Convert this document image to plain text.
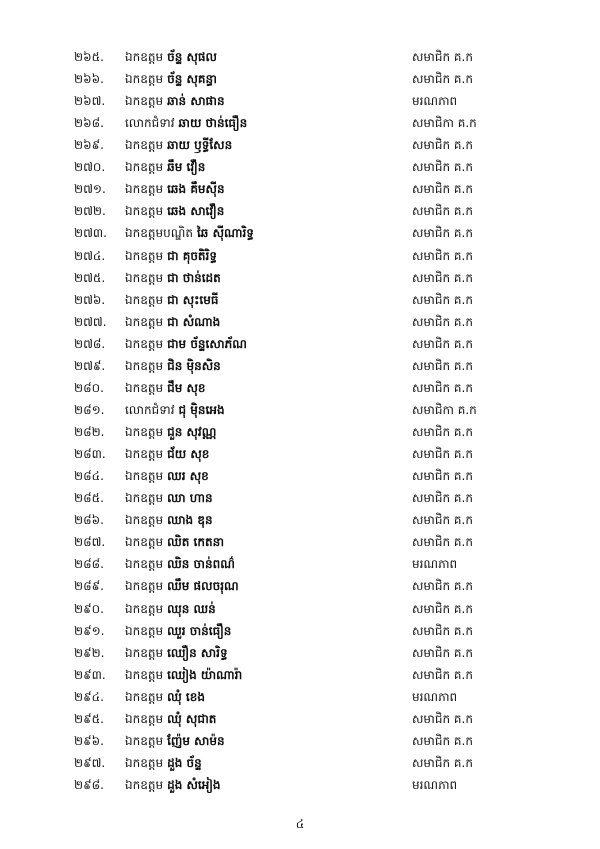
២៦៥.	ឯកឧត្តម ច័ន្ទ សុផល	សមាជិក គ.ក
២៦៦.	ឯកឧត្តម ច័ន្ទ សុគន្ធា	សមាជិក គ.ក
២៦៧.	ឯកឧត្តម ឆាន់ សាផាន	មរណភាព
២៦៨.	លោកជំទាវ ឆាយ ថាន់ធឿន	សមាជិកា គ.ក
២៦៩.	ឯកឧត្តម ឆាយ ឫទ្ធីសែន	សមាជិក គ.ក
២៧០.	ឯកឧត្តម ឆឹម វឿន	សមាជិក គ.ក
២៧១.	ឯកឧត្តម ឆេង គឹមស៊ីន	សមាជិក គ.ក
២៧២.	ឯកឧត្តម ឆេង សាវឿន	សមាជិក គ.ក
២៧៣.	ឯកឧត្តមបណ្ឌិត ឆៃ ស៊ីណារិទ្ធ	សមាជិក គ.ក
២៧៤.	ឯកឧត្តម ជា គុចតិរិទ្ធ	សមាជិក គ.ក
២៧៥.	ឯកឧត្តម ជា ថាន់ដេត	សមាជិក គ.ក
២៧៦.	ឯកឧត្តម ជា សុះមេធី	សមាជិក គ.ក
២៧៧.	ឯកឧត្តម ជា សំណាង	សមាជិក គ.ក
២៧៨.	ឯកឧត្តម ជាម ច័ន្ទសោភ័ណ	សមាជិក គ.ក
២៧៩.	ឯកឧត្តម ជិន ម៉ិនសិន	សមាជិក គ.ក
២៨០.	ឯកឧត្តម ជឹម សុខ	សមាជិក គ.ក
២៨១.	លោកជំទាវ ជុ ម៉ិនអេង	សមាជិកា គ.ក
២៨២.	ឯកឧត្តម ជួន សុវណ្ណ	សមាជិក គ.ក
២៨៣.	ឯកឧត្តម ជ័យ សុខ	សមាជិក គ.ក
២៨៤.	ឯកឧត្តម ឈរ សុខ	សមាជិក គ.ក
២៨៥.	ឯកឧត្តម ឈា ហាន	សមាជិក គ.ក
២៨៦.	ឯកឧត្តម ឈាង ឌុន	សមាជិក គ.ក
២៨៧.	ឯកឧត្តម ឈិត កេតនា	សមាជិក គ.ក
២៨៨.	ឯកឧត្តម ឈិន ចាន់ពណ៌	មរណភាព
២៨៩.	ឯកឧត្តម ឈឹម ផលចរុណ	សមាជិក គ.ក
២៩០.	ឯកឧត្តម ឈុន ឈន់	សមាជិក គ.ក
២៩១.	ឯកឧត្តម ឈួរ ចាន់ធឿន	សមាជិក គ.ក
២៩២.	ឯកឧត្តម ឈឿន សារិទ្ធ	សមាជិក គ.ក
២៩៣.	ឯកឧត្តម ឈៀង យ៉ាណារ៉ា	សមាជិក គ.ក
២៩៤.	ឯកឧត្តម ឈុំ ខេង	មរណភាព
២៩៥.	ឯកឧត្តម ឈុំ សុជាត	សមាជិក គ.ក
២៩៦.	ឯកឧត្តម ញ៉ែម សាម៉ន	សមាជិក គ.ក
២៩៧.	ឯកឧត្តម ដួង ច័ន្ទ	សមាជិក គ.ក
២៩៨.	ឯកឧត្តម ដួង សំអៀង	មរណភាព
៤
